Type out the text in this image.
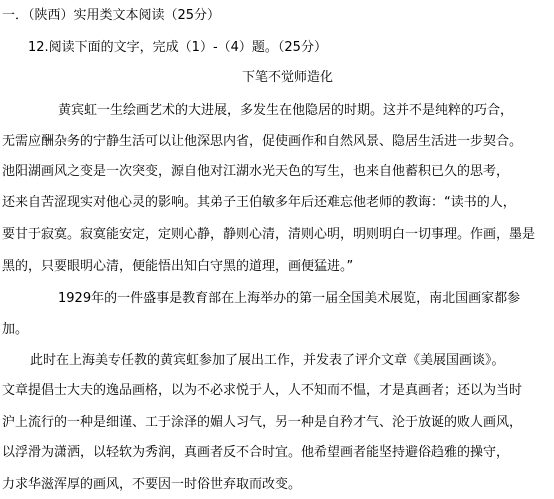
一．（陕西）实用类文本阅读（25分）
12.阅读下面的文字，完成（1）-（4）题。（25分）
下笔不觉师造化
黄宾虹一生绘画艺术的大进展，多发生在他隐居的时期。这并不是纯粹的巧合，
无需应酬杂务的宁静生活可以让他深思内省，促使画作和自然风景、隐居生活进一步契合。
池阳湖画风之变是一次突变，源自他对江湖水光天色的写生，也来自他蓄积已久的思考，
还来自苦涩现实对他心灵的影响。其弟子王伯敏多年后还难忘他老师的教诲：“读书的人，
要甘于寂寞。寂寞能安定，定则心静，静则心清，清则心明，明则明白一切事理。作画，墨是
黑的，只要眼明心清，便能悟出知白守黑的道理，画便猛进。”
1929年的一件盛事是教育部在上海举办的第一届全国美术展览，南北国画家都参
加。
此时在上海美专任教的黄宾虹参加了展出工作，并发表了评介文章《美展国画谈》。
文章提倡士大夫的逸品画格，以为不必求悦于人，人不知而不愠，才是真画者；还以为当时
沪上流行的一种是细谨、工于涂泽的媚人习气，另一种是自矜才气、沦于放诞的败人画风，
以浮滑为潇洒，以轻软为秀润，真画者反不合时宜。他希望画者能坚持避俗趋雅的操守，
力求华滋浑厚的画风，不要因一时俗世弃取而改变。
